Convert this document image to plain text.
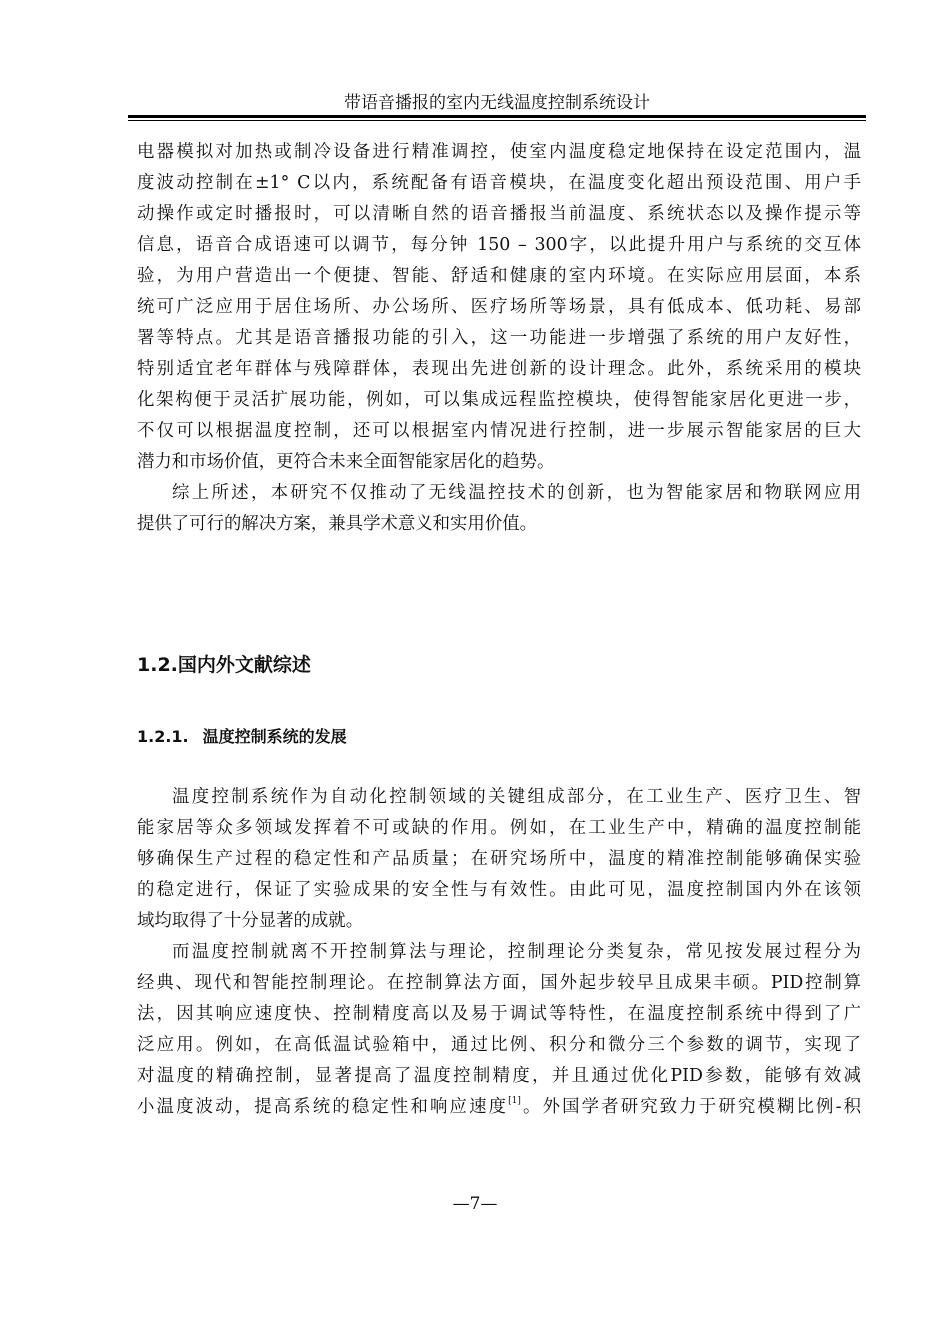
带语音播报的室内无线温度控制系统设计

电器模拟对加热或制冷设备进行精准调控，使室内温度稳定地保持在设定范围内，温
度波动控制在±1° C以内，系统配备有语音模块，在温度变化超出预设范围、用户手
动操作或定时播报时，可以清晰自然的语音播报当前温度、系统状态以及操作提示等
信息，语音合成语速可以调节，每分钟 150 – 300字，以此提升用户与系统的交互体
验，为用户营造出一个便捷、智能、舒适和健康的室内环境。在实际应用层面，本系
统可广泛应用于居住场所、办公场所、医疗场所等场景，具有低成本、低功耗、易部
署等特点。尤其是语音播报功能的引入，这一功能进一步增强了系统的用户友好性，
特别适宜老年群体与残障群体，表现出先进创新的设计理念。此外，系统采用的模块
化架构便于灵活扩展功能，例如，可以集成远程监控模块，使得智能家居化更进一步，
不仅可以根据温度控制，还可以根据室内情况进行控制，进一步展示智能家居的巨大
潜力和市场价值，更符合未来全面智能家居化的趋势。

综上所述，本研究不仅推动了无线温控技术的创新，也为智能家居和物联网应用
提供了可行的解决方案，兼具学术意义和实用价值。

1.2.国内外文献综述
1.2.1. 温度控制系统的发展

温度控制系统作为自动化控制领域的关键组成部分，在工业生产、医疗卫生、智
能家居等众多领域发挥着不可或缺的作用。例如，在工业生产中，精确的温度控制能
够确保生产过程的稳定性和产品质量；在研究场所中，温度的精准控制能够确保实验
的稳定进行，保证了实验成果的安全性与有效性。由此可见，温度控制国内外在该领
域均取得了十分显著的成就。

而温度控制就离不开控制算法与理论，控制理论分类复杂，常见按发展过程分为
经典、现代和智能控制理论。在控制算法方面，国外起步较早且成果丰硕。PID控制算
法，因其响应速度快、控制精度高以及易于调试等特性，在温度控制系统中得到了广
泛应用。例如，在高低温试验箱中，通过比例、积分和微分三个参数的调节，实现了
对温度的精确控制，显著提高了温度控制精度，并且通过优化PID参数，能够有效减
小温度波动，提高系统的稳定性和响应速度[1]。外国学者研究致力于研究模糊比例-积

—7—
